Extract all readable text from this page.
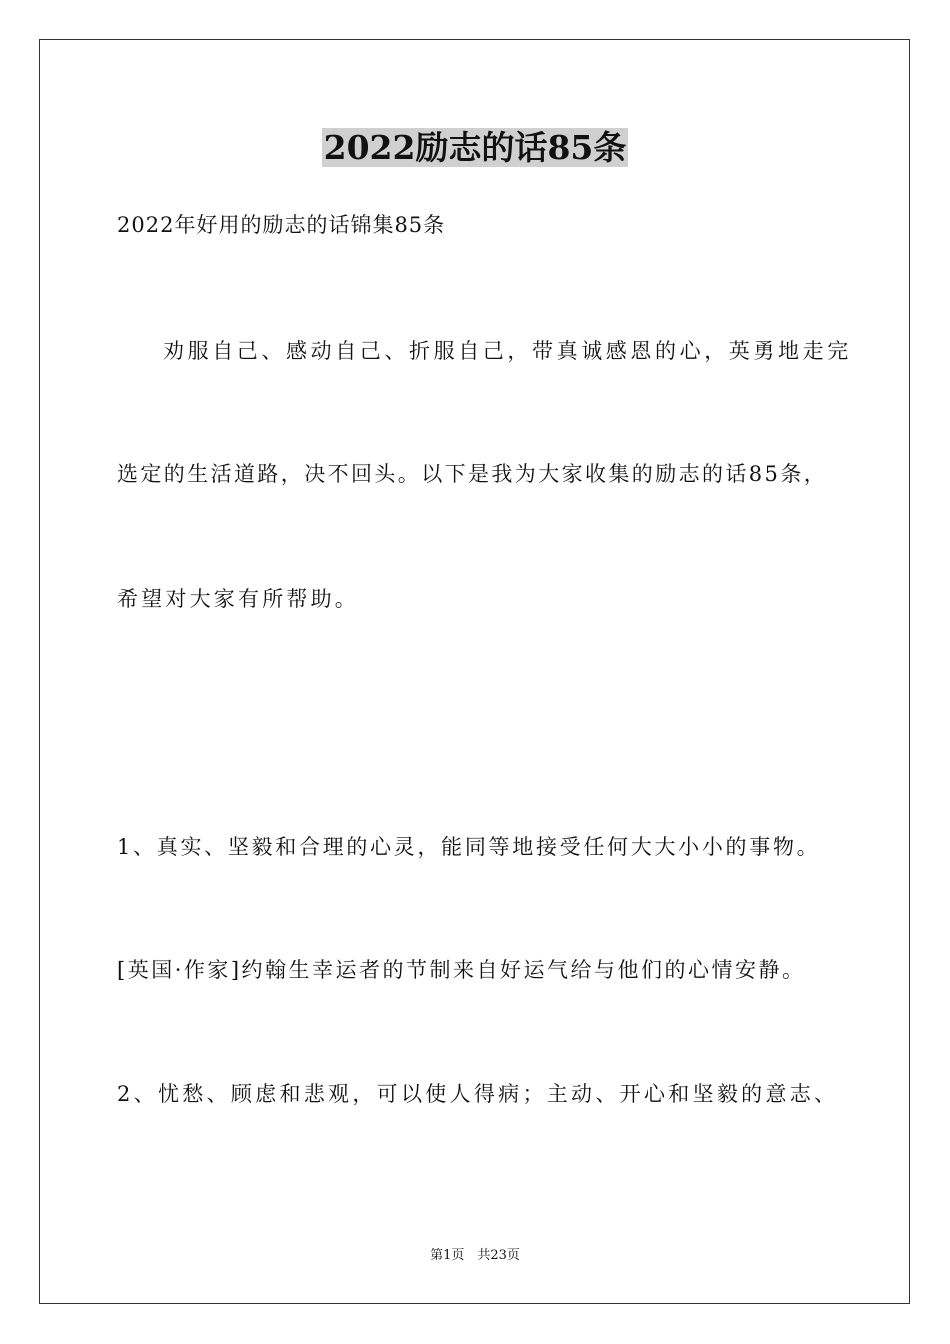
2022励志的话85条
2022年好用的励志的话锦集85条
劝服自己、感动自己、折服自己，带真诚感恩的心，英勇地走完
选定的生活道路，决不回头。以下是我为大家收集的励志的话85条，
希望对大家有所帮助。
1、真实、坚毅和合理的心灵，能同等地接受任何大大小小的事物。
[英国·作家]约翰生幸运者的节制来自好运气给与他们的心情安静。
2、忧愁、顾虑和悲观，可以使人得病；主动、开心和坚毅的意志、
第1页　共23页
